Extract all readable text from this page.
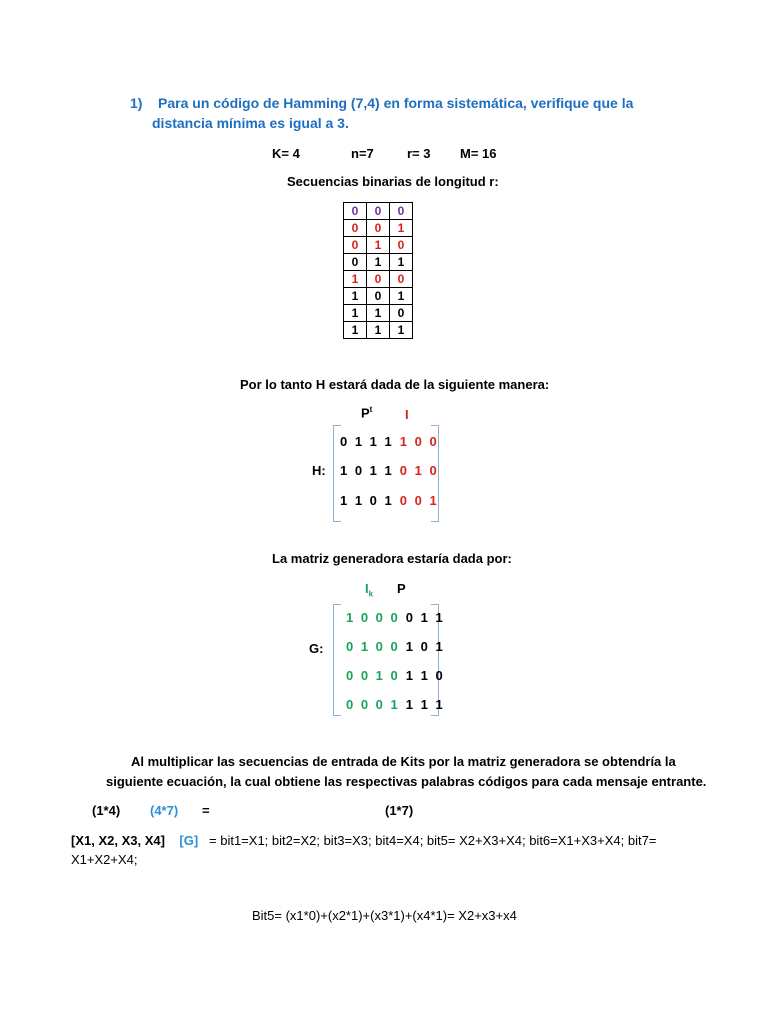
1) Para un código de Hamming (7,4) en forma sistemática, verifique que la
distancia mínima es igual a 3.
K= 4	n=7	r= 3 M= 16
Secuencias binarias de longitud r:
0	0	0
0	0	1
0	1	0
0	1	1
1	0	0
1	0	1
1	1	0
1	1	1
Por lo tanto H estará dada de la siguiente manera:
$P^t$	I
H:
0 1 1 1 1 0 0
1 0 1 1 0 1 0
1 1 0 1 0 0 1
La matriz generadora estaría dada por:
$I_k$ P
G:
1 0 0 0 0 1 1
0 1 0 0 1 0 1
0 0 1 0 1 1 0
0 0 0 1 1 1 1
Al multiplicar las secuencias de entrada de Kits por la matriz generadora se obtendría la
siguiente ecuación, la cual obtiene las respectivas palabras códigos para cada mensaje entrante.
(1*4) (4*7) =	(1*7)
[X1, X2, X3, X4] [G] = bit1=X1; bit2=X2; bit3=X3; bit4=X4; bit5= X2+X3+X4; bit6=X1+X3+X4; bit7=
X1+X2+X4;
Bit5= (x1*0)+(x2*1)+(x3*1)+(x4*1)= X2+x3+x4
